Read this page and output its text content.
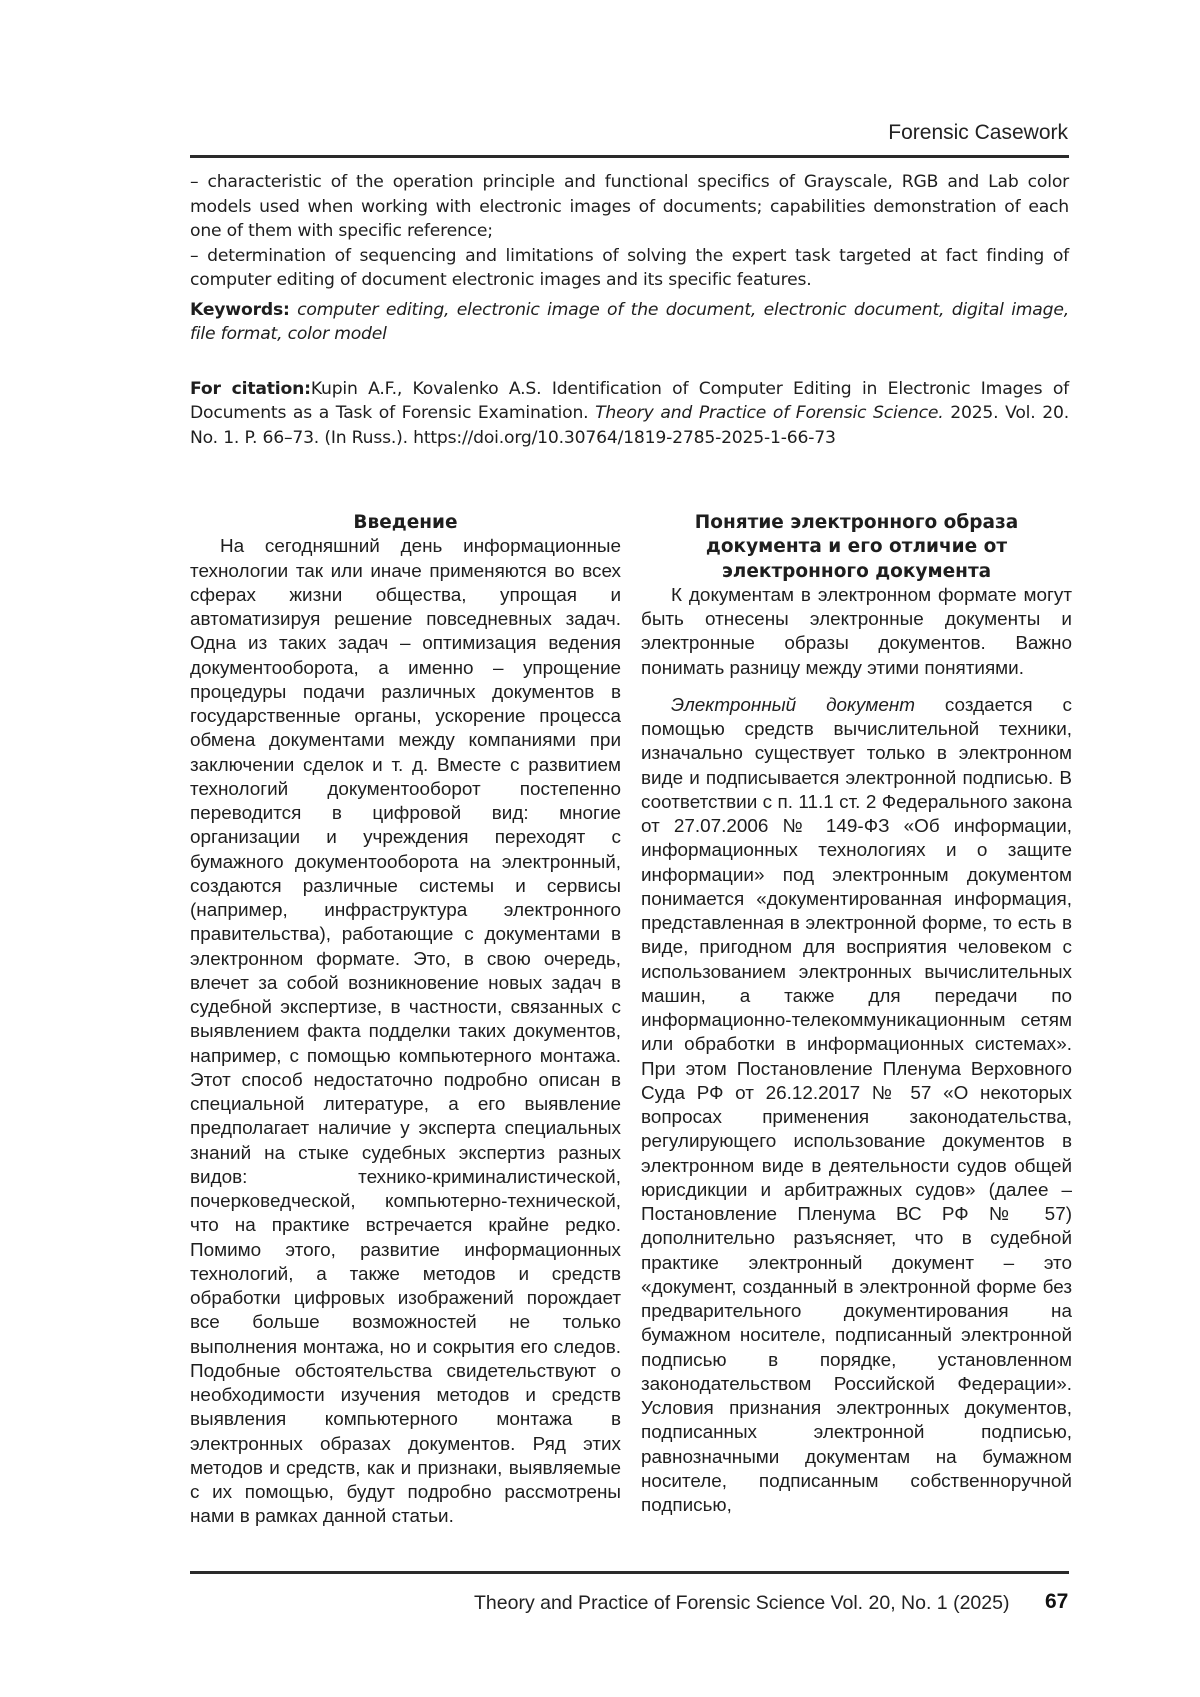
Forensic Casework

– characteristic of the operation principle and functional specifics of Grayscale, RGB and Lab color models used when working with electronic images of documents; capabilities demonstration of each one of them with specific reference;

– determination of sequencing and limitations of solving the expert task targeted at fact finding of computer editing of document electronic images and its specific features.

Keywords: computer editing, electronic image of the document, electronic document, digital image, file format, color model

For citation:Kupin A.F., Kovalenko A.S. Identification of Computer Editing in Electronic Images of Documents as a Task of Forensic Examination. Theory and Practice of Forensic Science. 2025. Vol. 20. No. 1. P. 66–73. (In Russ.). https://doi.org/10.30764/1819-2785-2025-1-66-73

Введение

На сегодняшний день информационные технологии так или иначе применяются во всех сферах жизни общества, упрощая и автоматизируя решение повседневных задач. Одна из таких задач – оптимизация ведения документооборота, а именно – упрощение процедуры подачи различных документов в государственные органы, ускорение процесса обмена документами между компаниями при заключении сделок и т. д. Вместе с развитием технологий документооборот постепенно переводится в цифровой вид: многие организации и учреждения переходят с бумажного документооборота на электронный, создаются различные системы и сервисы (например, инфраструктура электронного правительства), работающие с документами в электронном формате. Это, в свою очередь, влечет за собой возникновение новых задач в судебной экспертизе, в частности, связанных с выявлением факта подделки таких документов, например, с помощью компьютерного монтажа. Этот способ недостаточно подробно описан в специальной литературе, а его выявление предполагает наличие у эксперта специальных знаний на стыке судебных экспертиз разных видов: технико-криминалистической, почерковедческой, компьютерно-технической, что на практике встречается крайне редко. Помимо этого, развитие информационных технологий, а также методов и средств обработки цифровых изображений порождает все больше возможностей не только выполнения монтажа, но и сокрытия его следов. Подобные обстоятельства свидетельствуют о необходимости изучения методов и средств выявления компьютерного монтажа в электронных образах документов. Ряд этих методов и средств, как и признаки, выявляемые с их помощью, будут подробно рассмотрены нами в рамках данной статьи.

Понятие электронного образа документа и его отличие от электронного документа

К документам в электронном формате могут быть отнесены электронные документы и электронные образы документов. Важно понимать разницу между этими понятиями.

Электронный документ создается с помощью средств вычислительной техники, изначально существует только в электронном виде и подписывается электронной подписью. В соответствии с п. 11.1 ст. 2 Федерального закона от 27.07.2006 № 149-ФЗ «Об информации, информационных технологиях и о защите информации» под электронным документом понимается «документированная информация, представленная в электронной форме, то есть в виде, пригодном для восприятия человеком с использованием электронных вычислительных машин, а также для передачи по информационно-телекоммуникационным сетям или обработки в информационных системах». При этом Постановление Пленума Верховного Суда РФ от 26.12.2017 № 57 «О некоторых вопросах применения законодательства, регулирующего использование документов в электронном виде в деятельности судов общей юрисдикции и арбитражных судов» (далее – Постановление Пленума ВС РФ № 57) дополнительно разъясняет, что в судебной практике электронный документ – это «документ, созданный в электронной форме без предварительного документирования на бумажном носителе, подписанный электронной подписью в порядке, установленном законодательством Российской Федерации». Условия признания электронных документов, подписанных электронной подписью, равнозначными документам на бумажном носителе, подписанным собственноручной подписью,

Theory and Practice of Forensic Science Vol. 20, No. 1 (2025) 67
